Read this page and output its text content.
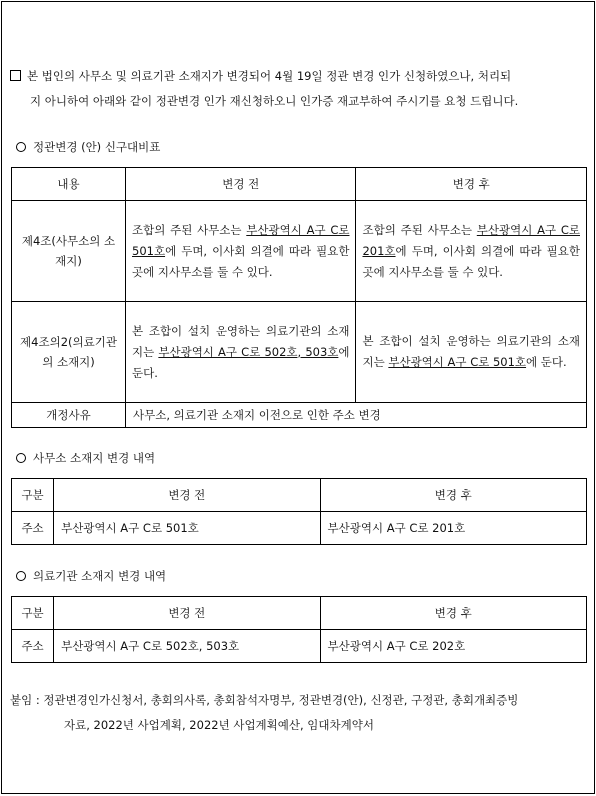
본 법인의 사무소 및 의료기관 소재지가 변경되어 4월 19일 정관 변경 인가 신청하였으나, 처리되
지 아니하여 아래와 같이 정관변경 인가 재신청하오니 인가증 재교부하여 주시기를 요청 드립니다.
정관변경 (안) 신구대비표
내용	변경 전	변경 후
제4조(사무소의 소재지)	조합의 주된 사무소는 부산광역시 A구 C로 501호에 두며, 이사회 의결에 따라 필요한 곳에 지사무소를 둘 수 있다.	조합의 주된 사무소는 부산광역시 A구 C로 201호에 두며, 이사회 의결에 따라 필요한 곳에 지사무소를 둘 수 있다.
제4조의2(의료기관의 소재지)	본 조합이 설치 운영하는 의료기관의 소재지는 부산광역시 A구 C로 502호, 503호에 둔다.	본 조합이 설치 운영하는 의료기관의 소재지는 부산광역시 A구 C로 501호에 둔다.
개정사유	사무소, 의료기관 소재지 이전으로 인한 주소 변경	
사무소 소재지 변경 내역
구분	변경 전	변경 후
주소	부산광역시 A구 C로 501호	부산광역시 A구 C로 201호
의료기관 소재지 변경 내역
구분	변경 전	변경 후
주소	부산광역시 A구 C로 502호, 503호	부산광역시 A구 C로 202호
붙임 : 정관변경인가신청서, 총회의사록, 총회참석자명부, 정관변경(안), 신정관, 구정관, 총회개최증빙
자료, 2022년 사업계획, 2022년 사업계획예산, 임대차계약서
